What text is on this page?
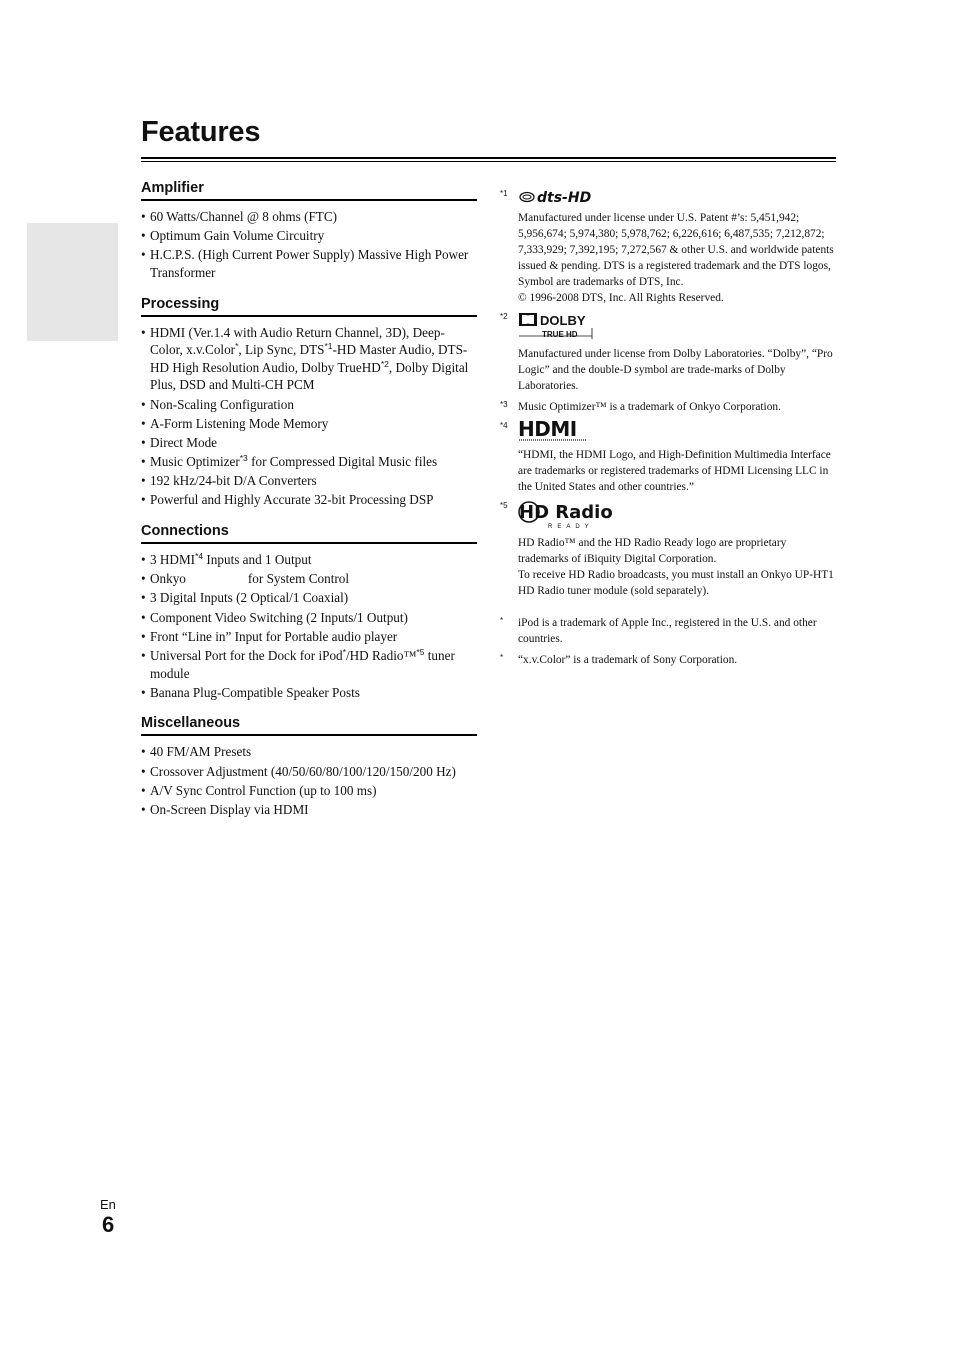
Features
Amplifier
• 60 Watts/Channel @ 8 ohms (FTC)
• Optimum Gain Volume Circuitry
• H.C.P.S. (High Current Power Supply) Massive High Power Transformer
Processing
• HDMI (Ver.1.4 with Audio Return Channel, 3D), Deep-Color, x.v.Color*, Lip Sync, DTS$^{*1}$-HD Master Audio, DTS-HD High Resolution Audio, Dolby TrueHD$^{*2}$, Dolby Digital Plus, DSD and Multi-CH PCM
• Non-Scaling Configuration
• A-Form Listening Mode Memory
• Direct Mode
• Music Optimizer$^{*3}$ for Compressed Digital Music files
• 192 kHz/24-bit D/A Converters
• Powerful and Highly Accurate 32-bit Processing DSP
Connections
• 3 HDMI$^{*4}$ Inputs and 1 Output
• Onkyo	for System Control
• 3 Digital Inputs (2 Optical/1 Coaxial)
• Component Video Switching (2 Inputs/1 Output)
• Front “Line in” Input for Portable audio player
• Universal Port for the Dock for iPod*/HD Radio™$^{*5}$ tuner module
• Banana Plug-Compatible Speaker Posts
Miscellaneous
• 40 FM/AM Presets
• Crossover Adjustment (40/50/60/80/100/120/150/200 Hz)
• A/V Sync Control Function (up to 100 ms)
• On-Screen Display via HDMI
*1 dts-HD

Manufactured under license under U.S. Patent #’s: 5,451,942; 5,956,674; 5,974,380; 5,978,762; 6,226,616; 6,487,535; 7,212,872; 7,333,929; 7,392,195; 7,272,567 & other U.S. and worldwide patents issued & pending. DTS is a registered trademark and the DTS logos, Symbol are trademarks of DTS, Inc.

© 1996-2008 DTS, Inc. All Rights Reserved.

*2 DOLBY
TRUE HD

Manufactured under license from Dolby Laboratories. “Dolby”, “Pro Logic” and the double-D symbol are trade-marks of Dolby Laboratories.

*3 Music Optimizer™ is a trademark of Onkyo Corporation.

*4 HDMI

“HDMI, the HDMI Logo, and High-Definition Multimedia Interface are trademarks or registered trademarks of HDMI Licensing LLC in the United States and other countries.”

*5 HD Radio
READY

HD Radio™ and the HD Radio Ready logo are proprietary trademarks of iBiquity Digital Corporation.

To receive HD Radio broadcasts, you must install an Onkyo UP-HT1 HD Radio tuner module (sold separately).

* iPod is a trademark of Apple Inc., registered in the U.S. and other countries.

* “x.v.Color” is a trademark of Sony Corporation.

En
6
